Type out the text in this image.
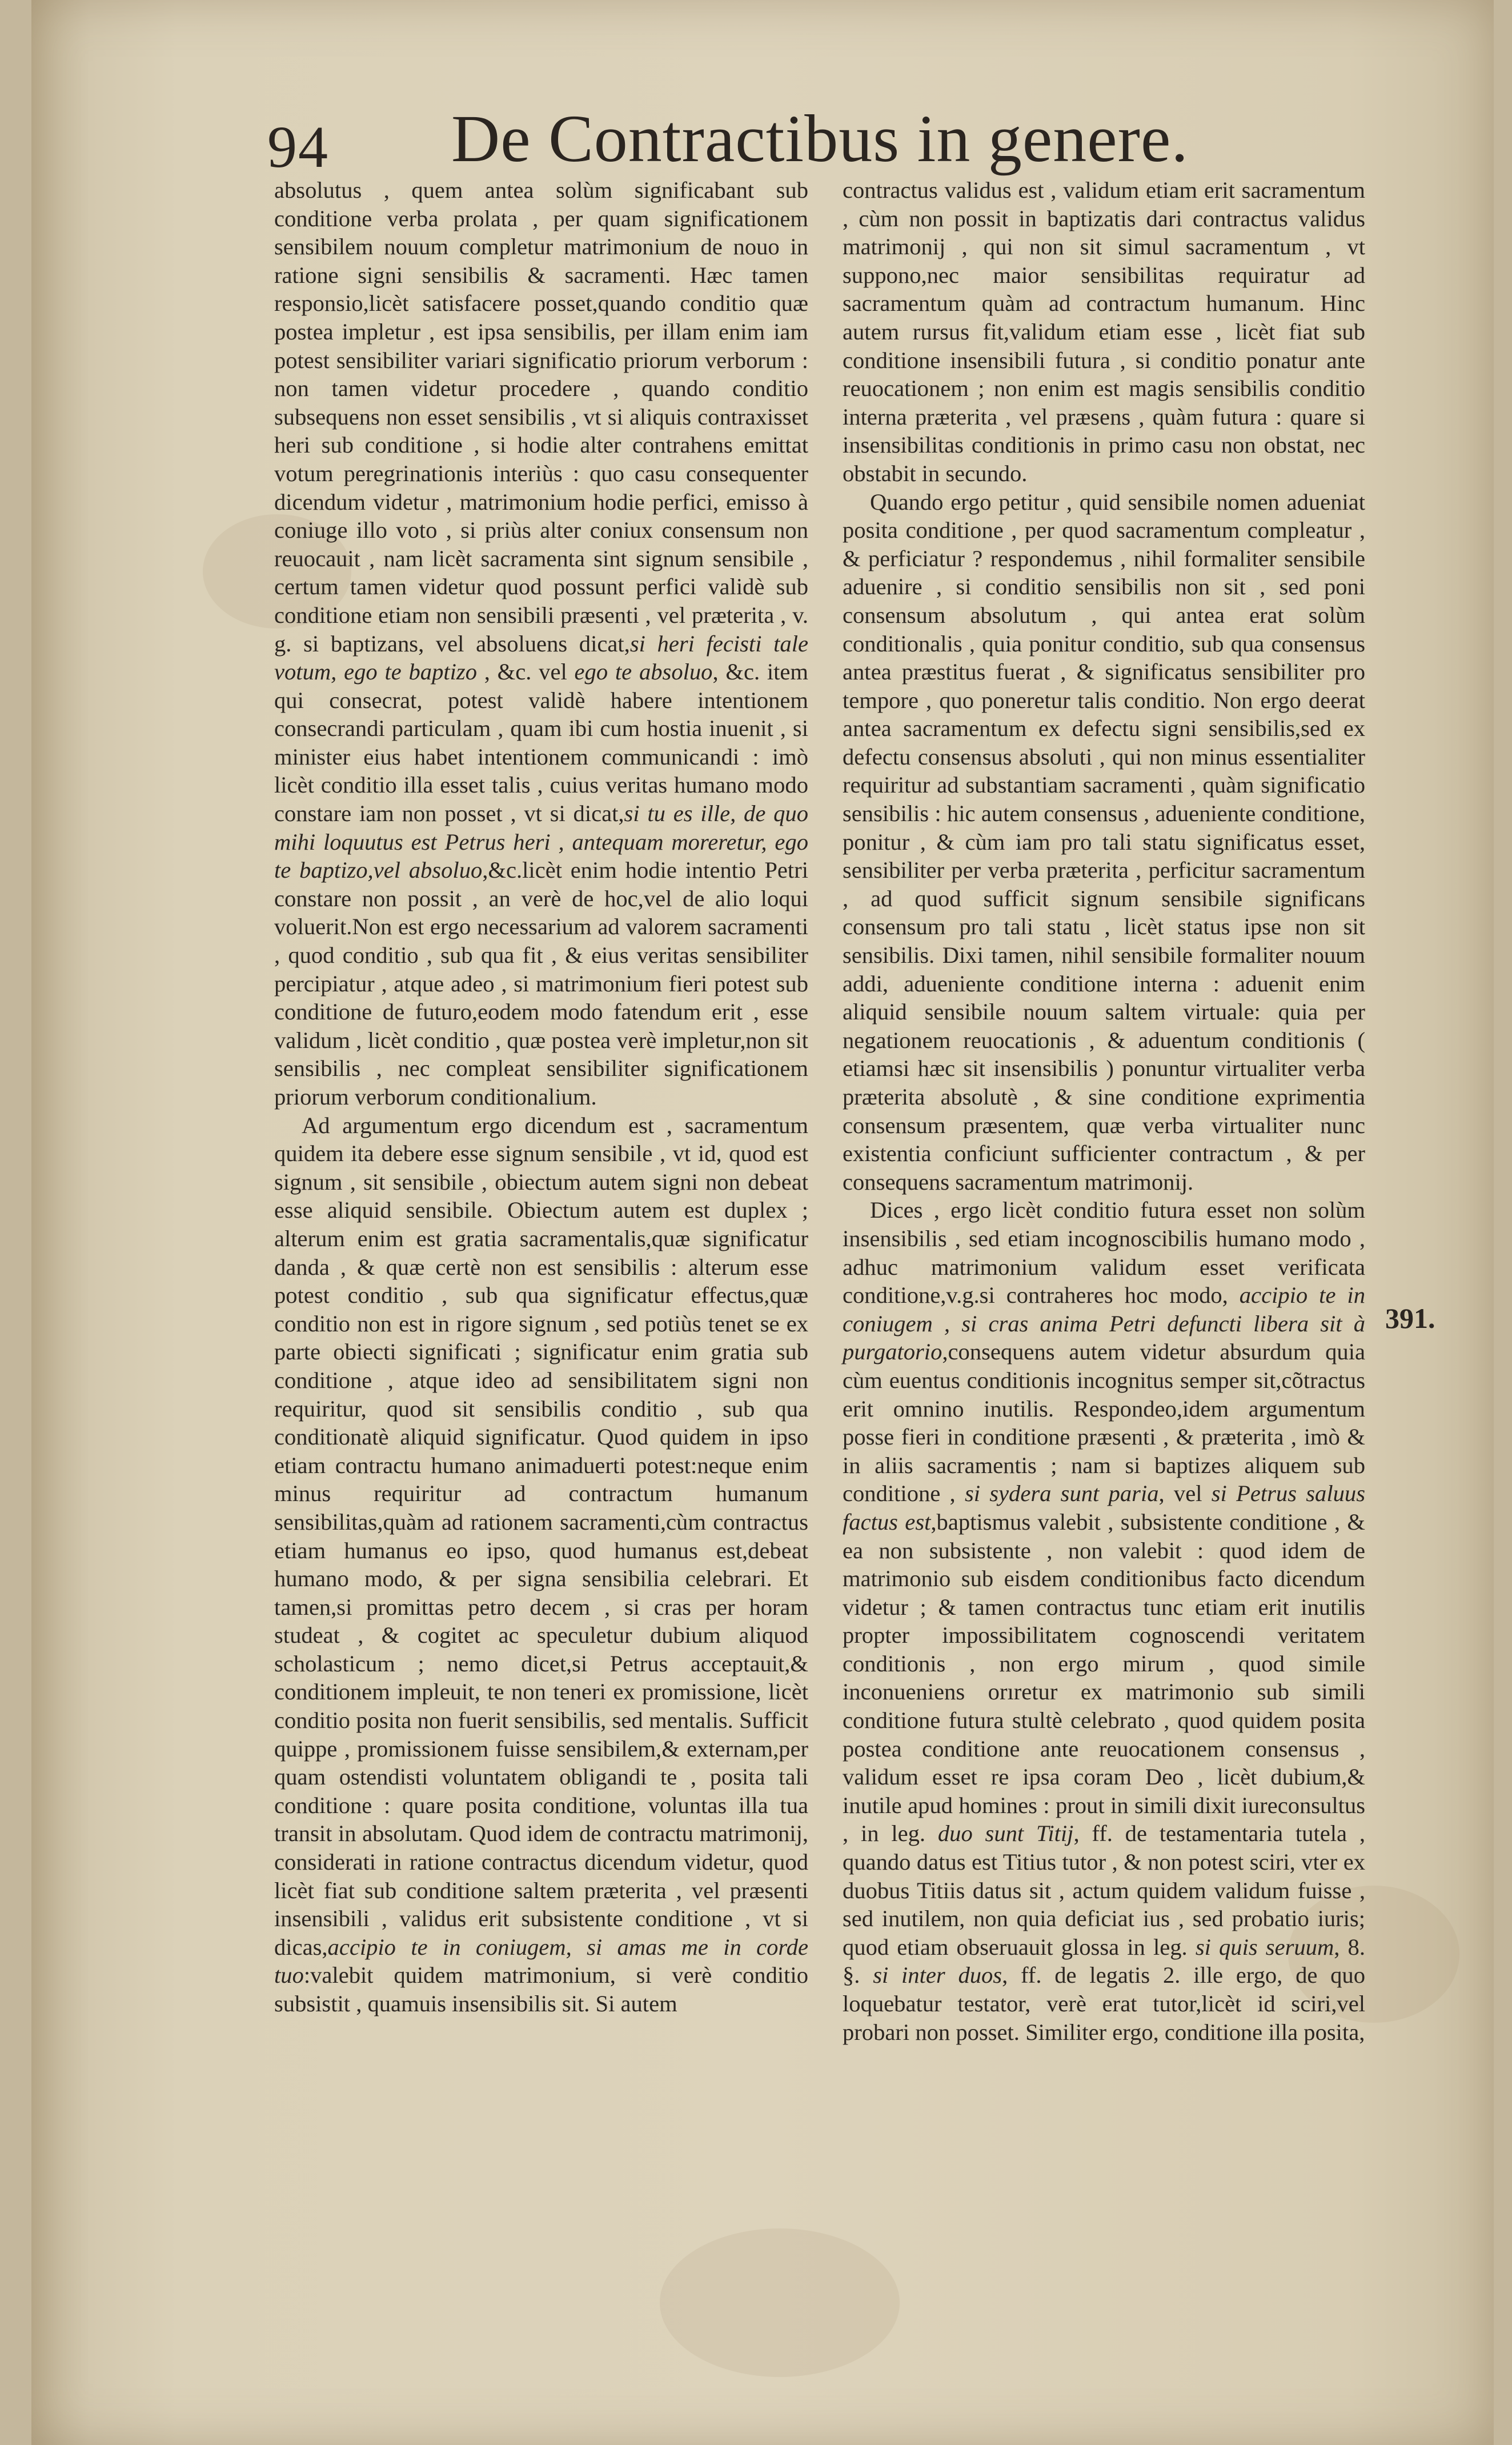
94 De Contractibus in genere.

absolutus , quem antea solùm significabant sub conditione verba prolata , per quam significationem sensibilem nouum completur matrimonium de nouo in ratione signi sensibilis & sacramenti. Hæc tamen responsio,licèt satisfacere posset,quando conditio quæ postea impletur , est ipsa sensibilis, per illam enim iam potest sensibiliter variari significatio priorum verborum : non tamen videtur procedere , quando conditio subsequens non esset sensibilis , vt si aliquis contraxisset heri sub conditione , si hodie alter contrahens emittat votum peregrinationis interiùs : quo casu consequenter dicendum videtur , matrimonium hodie perfici, emisso à coniuge illo voto , si priùs alter coniux consensum non reuocauit , nam licèt sacramenta sint signum sensibile , certum tamen videtur quod possunt perfici validè sub conditione etiam non sensibili præsenti , vel præterita , v. g. si baptizans, vel absoluens dicat,si heri fecisti tale votum, ego te baptizo , &c. vel ego te absoluo, &c. item qui consecrat, potest validè habere intentionem consecrandi particulam , quam ibi cum hostia inuenit , si minister eius habet intentionem communicandi : imò licèt conditio illa esset talis , cuius veritas humano modo constare iam non posset , vt si dicat,si tu es ille, de quo mihi loquutus est Petrus heri , antequam moreretur, ego te baptizo,vel absoluo,&c.licèt enim hodie intentio Petri constare non possit , an verè de hoc,vel de alio loqui voluerit.Non est ergo necessarium ad valorem sacramenti , quod conditio , sub qua fit , & eius veritas sensibiliter percipiatur , atque adeo , si matrimonium fieri potest sub conditione de futuro,eodem modo fatendum erit , esse validum , licèt conditio , quæ postea verè impletur,non sit sensibilis , nec compleat sensibiliter significationem priorum verborum conditionalium.

Ad argumentum ergo dicendum est , sacramentum quidem ita debere esse signum sensibile , vt id, quod est signum , sit sensibile , obiectum autem signi non debeat esse aliquid sensibile. Obiectum autem est duplex ; alterum enim est gratia sacramentalis,quæ significatur danda , & quæ certè non est sensibilis : alterum esse potest conditio , sub qua significatur effectus,quæ conditio non est in rigore signum , sed potiùs tenet se ex parte obiecti significati ; significatur enim gratia sub conditione , atque ideo ad sensibilitatem signi non requiritur, quod sit sensibilis conditio , sub qua conditionatè aliquid significatur. Quod quidem in ipso etiam contractu humano animaduerti potest:neque enim minus requiritur ad contractum humanum sensibilitas,quàm ad rationem sacramenti,cùm contractus etiam humanus eo ipso, quod humanus est,debeat humano modo, & per signa sensibilia celebrari. Et tamen,si promittas petro decem , si cras per horam studeat , & cogitet ac speculetur dubium aliquod scholasticum ; nemo dicet,si Petrus acceptauit,& conditionem impleuit, te non teneri ex promissione, licèt conditio posita non fuerit sensibilis, sed mentalis. Sufficit quippe , promissionem fuisse sensibilem,& externam,per quam ostendisti voluntatem obligandi te , posita tali conditione : quare posita conditione, voluntas illa tua transit in absolutam. Quod idem de contractu matrimonij, considerati in ratione contractus dicendum videtur, quod licèt fiat sub conditione saltem præterita , vel præsenti insensibili , validus erit subsistente conditione , vt si dicas,accipio te in coniugem, si amas me in corde tuo:valebit quidem matrimonium, si verè conditio subsistit , quamuis insensibilis sit. Si autem

contractus validus est , validum etiam erit sacramentum , cùm non possit in baptizatis dari contractus validus matrimonij , qui non sit simul sacramentum , vt suppono,nec maior sensibilitas requiratur ad sacramentum quàm ad contractum humanum. Hinc autem rursus fit,validum etiam esse , licèt fiat sub conditione insensibili futura , si conditio ponatur ante reuocationem ; non enim est magis sensibilis conditio interna præterita , vel præsens , quàm futura : quare si insensibilitas conditionis in primo casu non obstat, nec obstabit in secundo.

Quando ergo petitur , quid sensibile nomen adueniat posita conditione , per quod sacramentum compleatur , & perficiatur ? respondemus , nihil formaliter sensibile aduenire , si conditio sensibilis non sit , sed poni consensum absolutum , qui antea erat solùm conditionalis , quia ponitur conditio, sub qua consensus antea præstitus fuerat , & significatus sensibiliter pro tempore , quo poneretur talis conditio. Non ergo deerat antea sacramentum ex defectu signi sensibilis,sed ex defectu consensus absoluti , qui non minus essentialiter requiritur ad substantiam sacramenti , quàm significatio sensibilis : hic autem consensus , adueniente conditione, ponitur , & cùm iam pro tali statu significatus esset, sensibiliter per verba præterita , perficitur sacramentum , ad quod sufficit signum sensibile significans consensum pro tali statu , licèt status ipse non sit sensibilis. Dixi tamen, nihil sensibile formaliter nouum addi, adueniente conditione interna : aduenit enim aliquid sensibile nouum saltem virtuale: quia per negationem reuocationis , & aduentum conditionis ( etiamsi hæc sit insensibilis ) ponuntur virtualiter verba præterita absolutè , & sine conditione exprimentia consensum præsentem, quæ verba virtualiter nunc existentia conficiunt sufficienter contractum , & per consequens sacramentum matrimonij.

Dices , ergo licèt conditio futura esset non solùm insensibilis , sed etiam incognoscibilis humano modo , adhuc matrimonium validum esset verificata conditione,v.g.si contraheres hoc modo, accipio te in coniugem , si cras anima Petri defuncti libera sit à purgatorio,consequens autem videtur absurdum quia cùm euentus conditionis incognitus semper sit,cõtractus erit omnino inutilis. Respondeo,idem argumentum posse fieri in conditione præsenti , & præterita , imò & in aliis sacramentis ; nam si baptizes aliquem sub conditione , si sydera sunt paria, vel si Petrus saluus factus est,baptismus valebit , subsistente conditione , & ea non subsistente , non valebit : quod idem de matrimonio sub eisdem conditionibus facto dicendum videtur ; & tamen contractus tunc etiam erit inutilis propter impossibilitatem cognoscendi veritatem conditionis , non ergo mirum , quod simile inconueniens orıretur ex matrimonio sub simili conditione futura stultè celebrato , quod quidem posita postea conditione ante reuocationem consensus , validum esset re ipsa coram Deo , licèt dubium,& inutile apud homines : prout in simili dixit iureconsultus , in leg. duo sunt Titij, ff. de testamentaria tutela , quando datus est Titius tutor , & non potest sciri, vter ex duobus Titiis datus sit , actum quidem validum fuisse , sed inutilem, non quia deficiat ius , sed probatio iuris; quod etiam obseruauit glossa in leg. si quis seruum, 8. §. si inter duos, ff. de legatis 2. ille ergo, de quo loquebatur testator, verè erat tutor,licèt id sciri,vel probari non posset. Similiter ergo, conditione illa posita,

391.
